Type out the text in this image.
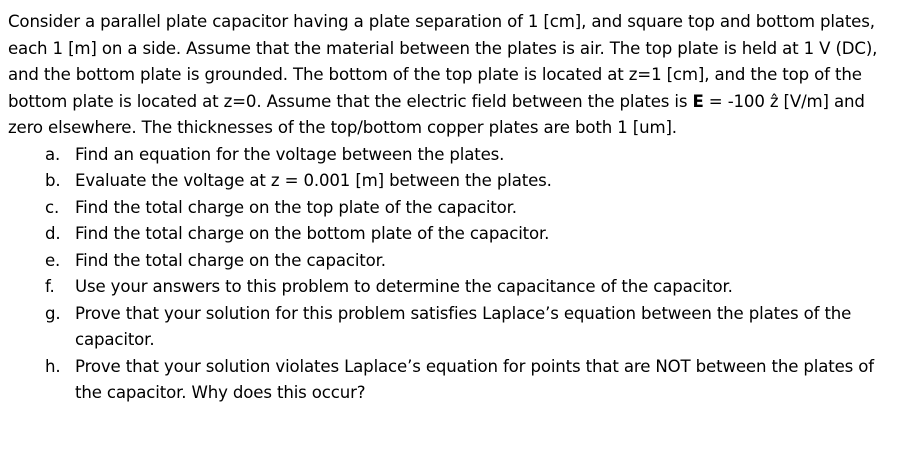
Consider a parallel plate capacitor having a plate separation of 1 [cm], and square top and bottom plates, each 1 [m] on a side. Assume that the material between the plates is air. The top plate is held at 1 V (DC), and the bottom plate is grounded. The bottom of the top plate is located at z=1 [cm], and the top of the bottom plate is located at z=0. Assume that the electric field between the plates is E = -100 ẑ [V/m] and zero elsewhere. The thicknesses of the top/bottom copper plates are both 1 [um].

a. Find an equation for the voltage between the plates.
b. Evaluate the voltage at z = 0.001 [m] between the plates.
c. Find the total charge on the top plate of the capacitor.
d. Find the total charge on the bottom plate of the capacitor.
e. Find the total charge on the capacitor.
f.	Use your answers to this problem to determine the capacitance of the capacitor.
g. Prove that your solution for this problem satisfies Laplace’s equation between the plates of the capacitor.
h. Prove that your solution violates Laplace’s equation for points that are NOT between the plates of the capacitor. Why does this occur?
